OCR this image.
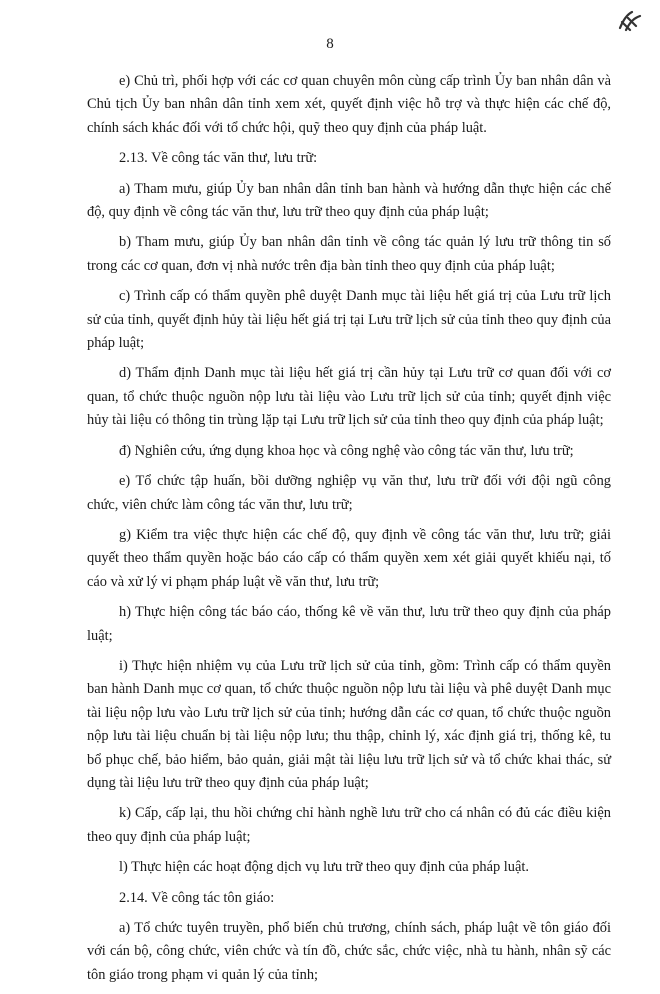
8

e) Chủ trì, phối hợp với các cơ quan chuyên môn cùng cấp trình Ủy ban nhân dân và Chủ tịch Ủy ban nhân dân tỉnh xem xét, quyết định việc hỗ trợ và thực hiện các chế độ, chính sách khác đối với tổ chức hội, quỹ theo quy định của pháp luật.

2.13. Về công tác văn thư, lưu trữ:

a) Tham mưu, giúp Ủy ban nhân dân tỉnh ban hành và hướng dẫn thực hiện các chế độ, quy định về công tác văn thư, lưu trữ theo quy định của pháp luật;

b) Tham mưu, giúp Ủy ban nhân dân tỉnh về công tác quản lý lưu trữ thông tin số trong các cơ quan, đơn vị nhà nước trên địa bàn tỉnh theo quy định của pháp luật;

c) Trình cấp có thẩm quyền phê duyệt Danh mục tài liệu hết giá trị của Lưu trữ lịch sử của tỉnh, quyết định hủy tài liệu hết giá trị tại Lưu trữ lịch sử của tỉnh theo quy định của pháp luật;

d) Thẩm định Danh mục tài liệu hết giá trị cần hủy tại Lưu trữ cơ quan đối với cơ quan, tổ chức thuộc nguồn nộp lưu tài liệu vào Lưu trữ lịch sử của tỉnh; quyết định việc hủy tài liệu có thông tin trùng lặp tại Lưu trữ lịch sử của tỉnh theo quy định của pháp luật;

đ) Nghiên cứu, ứng dụng khoa học và công nghệ vào công tác văn thư, lưu trữ;

e) Tổ chức tập huấn, bồi dưỡng nghiệp vụ văn thư, lưu trữ đối với đội ngũ công chức, viên chức làm công tác văn thư, lưu trữ;

g) Kiểm tra việc thực hiện các chế độ, quy định về công tác văn thư, lưu trữ; giải quyết theo thẩm quyền hoặc báo cáo cấp có thẩm quyền xem xét giải quyết khiếu nại, tố cáo và xử lý vi phạm pháp luật về văn thư, lưu trữ;

h) Thực hiện công tác báo cáo, thống kê về văn thư, lưu trữ theo quy định của pháp luật;

i) Thực hiện nhiệm vụ của Lưu trữ lịch sử của tỉnh, gồm: Trình cấp có thẩm quyền ban hành Danh mục cơ quan, tổ chức thuộc nguồn nộp lưu tài liệu và phê duyệt Danh mục tài liệu nộp lưu vào Lưu trữ lịch sử của tỉnh; hướng dẫn các cơ quan, tổ chức thuộc nguồn nộp lưu tài liệu chuẩn bị tài liệu nộp lưu; thu thập, chỉnh lý, xác định giá trị, thống kê, tu bổ phục chế, bảo hiểm, bảo quản, giải mật tài liệu lưu trữ lịch sử và tổ chức khai thác, sử dụng tài liệu lưu trữ theo quy định của pháp luật;

k) Cấp, cấp lại, thu hồi chứng chỉ hành nghề lưu trữ cho cá nhân có đủ các điều kiện theo quy định của pháp luật;

l) Thực hiện các hoạt động dịch vụ lưu trữ theo quy định của pháp luật.

2.14. Về công tác tôn giáo:

a) Tổ chức tuyên truyền, phổ biến chủ trương, chính sách, pháp luật về tôn giáo đối với cán bộ, công chức, viên chức và tín đồ, chức sắc, chức việc, nhà tu hành, nhân sỹ các tôn giáo trong phạm vi quản lý của tỉnh;
